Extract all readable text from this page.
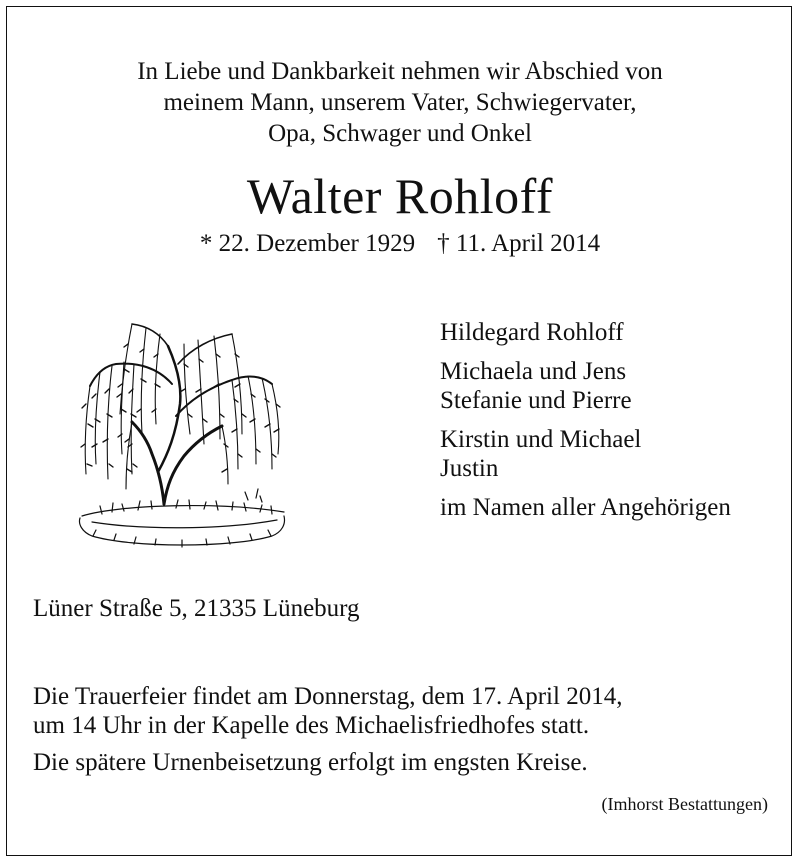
In Liebe und Dankbarkeit nehmen wir Abschied von
meinem Mann, unserem Vater, Schwiegervater,
Opa, Schwager und Onkel
Walter Rohloff
* 22. Dezember 1929 † 11. April 2014
Hildegard Rohloff
Michaela und Jens
Stefanie und Pierre
Kirstin und Michael
Justin
im Namen aller Angehörigen
Lüner Straße 5, 21335 Lüneburg
Die Trauerfeier findet am Donnerstag, dem 17. April 2014,
um 14 Uhr in der Kapelle des Michaelisfriedhofes statt.
Die spätere Urnenbeisetzung erfolgt im engsten Kreise.
(Imhorst Bestattungen)
